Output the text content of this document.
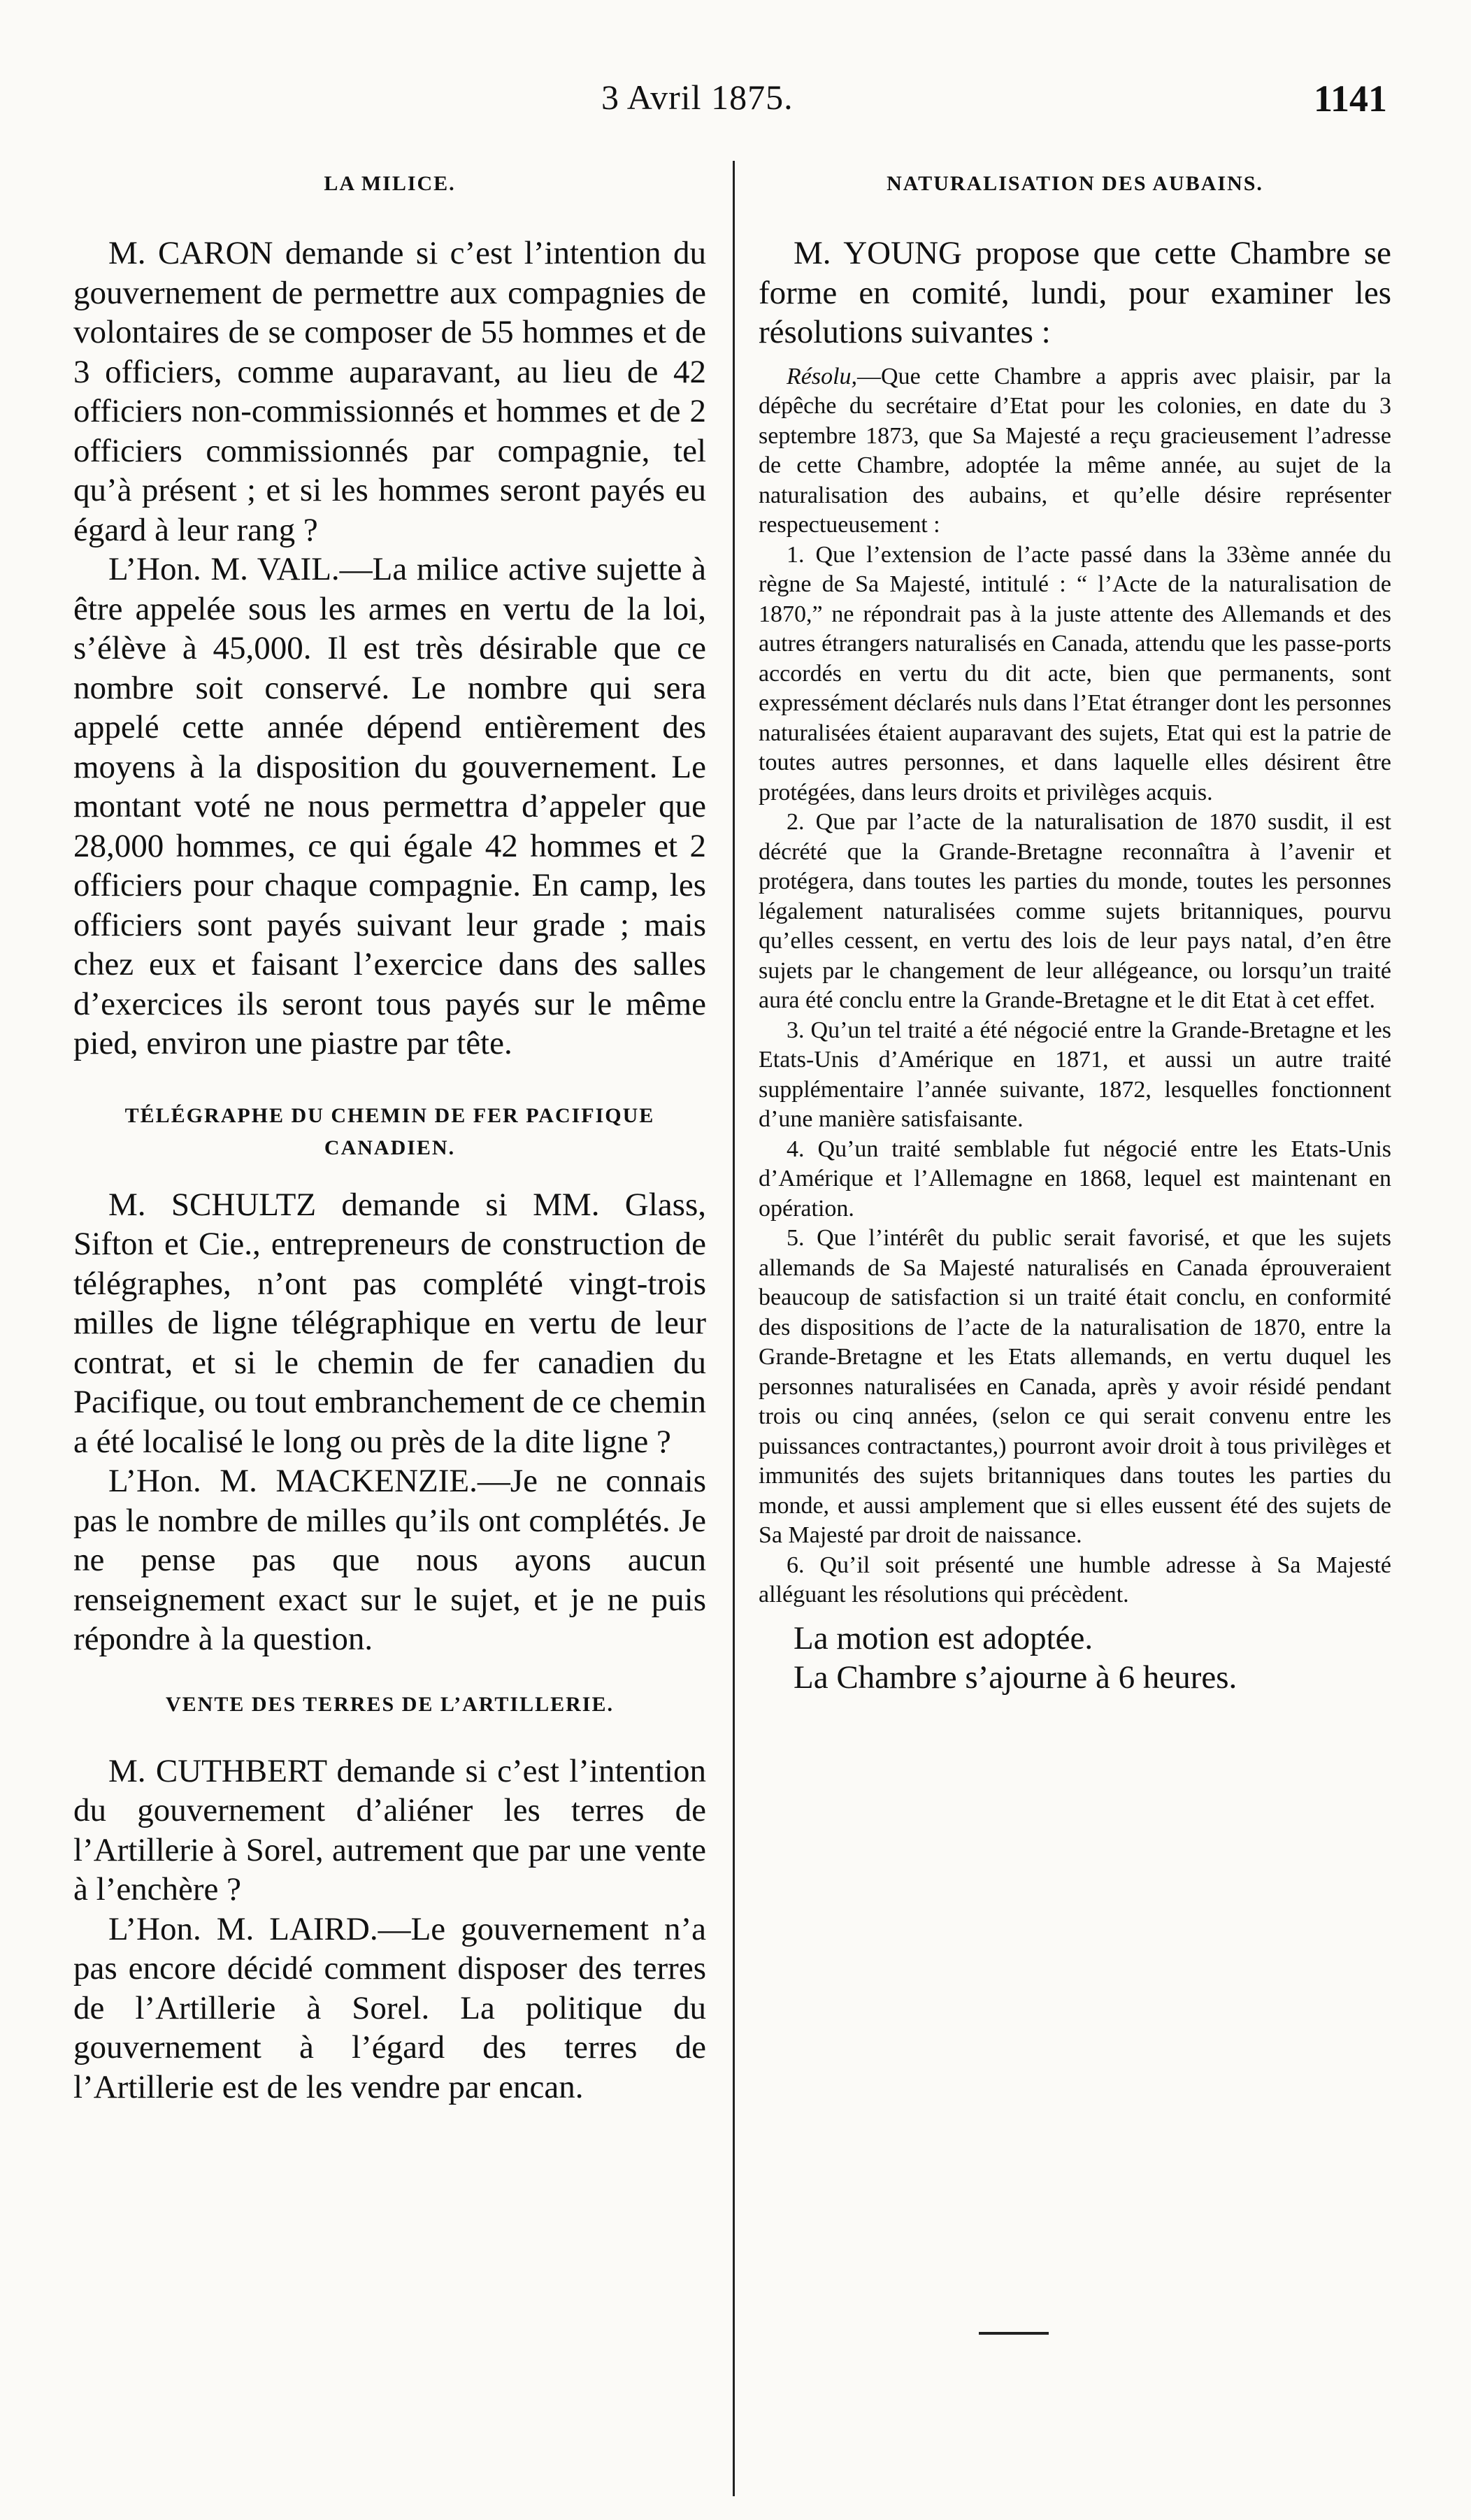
3 Avril 1875.	1141

LA MILICE.

M. CARON demande si c’est l’intention du gouvernement de permettre aux compagnies de volontaires de se composer de 55 hommes et de 3 officiers, comme auparavant, au lieu de 42 officiers non-commissionnés et hommes et de 2 officiers commissionnés par compagnie, tel qu’à présent ; et si les hommes seront payés eu égard à leur rang ?

L’Hon. M. VAIL.—La milice active sujette à être appelée sous les armes en vertu de la loi, s’élève à 45,000. Il est très désirable que ce nombre soit conservé. Le nombre qui sera appelé cette année dépend entièrement des moyens à la disposition du gouvernement. Le montant voté ne nous permettra d’appeler que 28,000 hommes, ce qui égale 42 hommes et 2 officiers pour chaque compagnie. En camp, les officiers sont payés suivant leur grade ; mais chez eux et faisant l’exercice dans des salles d’exercices ils seront tous payés sur le même pied, environ une piastre par tête.

TÉLÉGRAPHE DU CHEMIN DE FER PACIFIQUE CANADIEN.

M. SCHULTZ demande si MM. Glass, Sifton et Cie., entrepreneurs de construction de télégraphes, n’ont pas complété vingt-trois milles de ligne télégraphique en vertu de leur contrat, et si le chemin de fer canadien du Pacifique, ou tout embranchement de ce chemin a été localisé le long ou près de la dite ligne ?

L’Hon. M. MACKENZIE.—Je ne connais pas le nombre de milles qu’ils ont complétés. Je ne pense pas que nous ayons aucun renseignement exact sur le sujet, et je ne puis répondre à la question.

VENTE DES TERRES DE L’ARTILLERIE.

M. CUTHBERT demande si c’est l’intention du gouvernement d’aliéner les terres de l’Artillerie à Sorel, autrement que par une vente à l’enchère ?

L’Hon. M. LAIRD.—Le gouvernement n’a pas encore décidé comment disposer des terres de l’Artillerie à Sorel. La politique du gouvernement à l’égard des terres de l’Artillerie est de les vendre par encan.

NATURALISATION DES AUBAINS.

M. YOUNG propose que cette Chambre se forme en comité, lundi, pour examiner les résolutions suivantes :

Résolu,—Que cette Chambre a appris avec plaisir, par la dépêche du secrétaire d’Etat pour les colonies, en date du 3 septembre 1873, que Sa Majesté a reçu gracieusement l’adresse de cette Chambre, adoptée la même année, au sujet de la naturalisation des aubains, et qu’elle désire représenter respectueusement :

1. Que l’extension de l’acte passé dans la 33ème année du règne de Sa Majesté, intitulé : “ l’Acte de la naturalisation de 1870,” ne répondrait pas à la juste attente des Allemands et des autres étrangers naturalisés en Canada, attendu que les passe-ports accordés en vertu du dit acte, bien que permanents, sont expressément déclarés nuls dans l’Etat étranger dont les personnes naturalisées étaient auparavant des sujets, Etat qui est la patrie de toutes autres personnes, et dans laquelle elles désirent être protégées, dans leurs droits et privilèges acquis.

2. Que par l’acte de la naturalisation de 1870 susdit, il est décrété que la Grande-Bretagne reconnaîtra à l’avenir et protégera, dans toutes les parties du monde, toutes les personnes légalement naturalisées comme sujets britanniques, pourvu qu’elles cessent, en vertu des lois de leur pays natal, d’en être sujets par le changement de leur allégeance, ou lorsqu’un traité aura été conclu entre la Grande-Bretagne et le dit Etat à cet effet.

3. Qu’un tel traité a été négocié entre la Grande-Bretagne et les Etats-Unis d’Amérique en 1871, et aussi un autre traité supplémentaire l’année suivante, 1872, lesquelles fonctionnent d’une manière satisfaisante.

4. Qu’un traité semblable fut négocié entre les Etats-Unis d’Amérique et l’Allemagne en 1868, lequel est maintenant en opération.

5. Que l’intérêt du public serait favorisé, et que les sujets allemands de Sa Majesté naturalisés en Canada éprouveraient beaucoup de satisfaction si un traité était conclu, en conformité des dispositions de l’acte de la naturalisation de 1870, entre la Grande-Bretagne et les Etats allemands, en vertu duquel les personnes naturalisées en Canada, après y avoir résidé pendant trois ou cinq années, (selon ce qui serait convenu entre les puissances contractantes,) pourront avoir droit à tous privilèges et immunités des sujets britanniques dans toutes les parties du monde, et aussi amplement que si elles eussent été des sujets de Sa Majesté par droit de naissance.

6. Qu’il soit présenté une humble adresse à Sa Majesté alléguant les résolutions qui précèdent.

La motion est adoptée.

La Chambre s’ajourne à 6 heures.
